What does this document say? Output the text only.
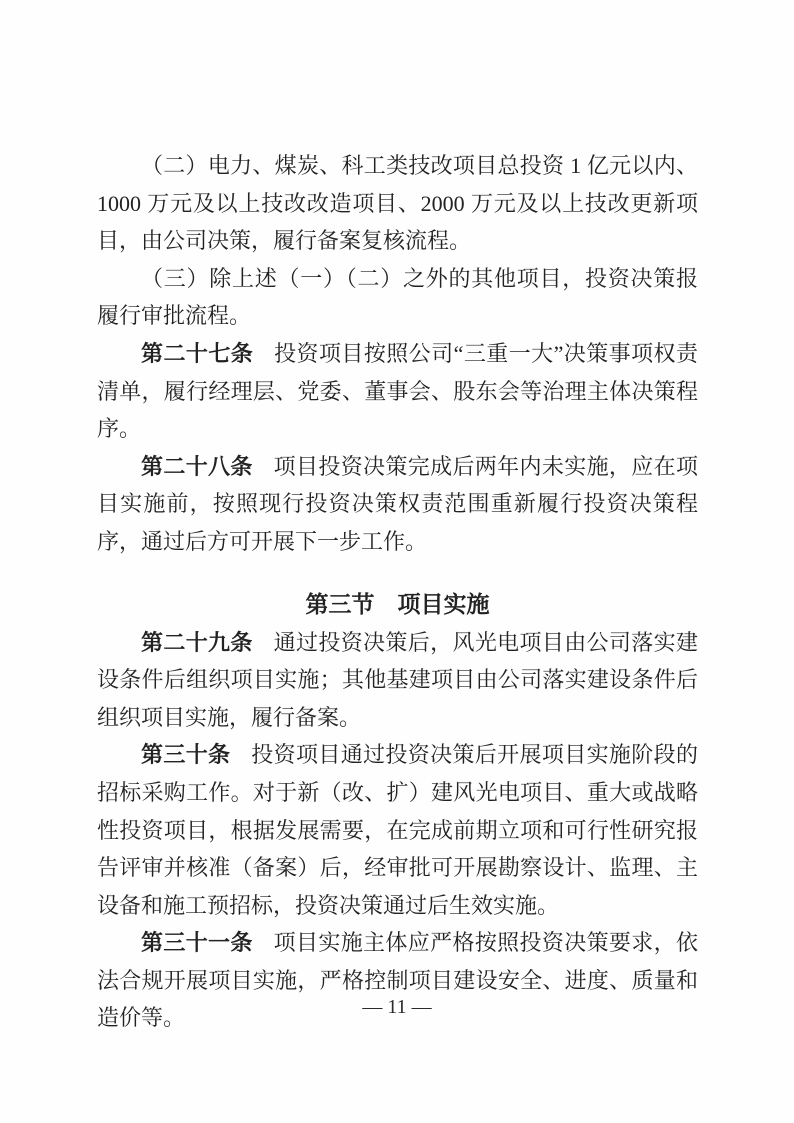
（二）电力、煤炭、科工类技改项目总投资 1 亿元以内、1000 万元及以上技改改造项目、2000 万元及以上技改更新项目，由公司决策，履行备案复核流程。

（三）除上述（一）（二）之外的其他项目，投资决策报履行审批流程。

第二十七条 投资项目按照公司“三重一大”决策事项权责清单，履行经理层、党委、董事会、股东会等治理主体决策程序。

第二十八条 项目投资决策完成后两年内未实施，应在项目实施前，按照现行投资决策权责范围重新履行投资决策程序，通过后方可开展下一步工作。

第三节 项目实施

第二十九条 通过投资决策后，风光电项目由公司落实建设条件后组织项目实施；其他基建项目由公司落实建设条件后组织项目实施，履行备案。

第三十条 投资项目通过投资决策后开展项目实施阶段的招标采购工作。对于新（改、扩）建风光电项目、重大或战略性投资项目，根据发展需要，在完成前期立项和可行性研究报告评审并核准（备案）后，经审批可开展勘察设计、监理、主设备和施工预招标，投资决策通过后生效实施。

第三十一条 项目实施主体应严格按照投资决策要求，依法合规开展项目实施，严格控制项目建设安全、进度、质量和造价等。	— 11 —
